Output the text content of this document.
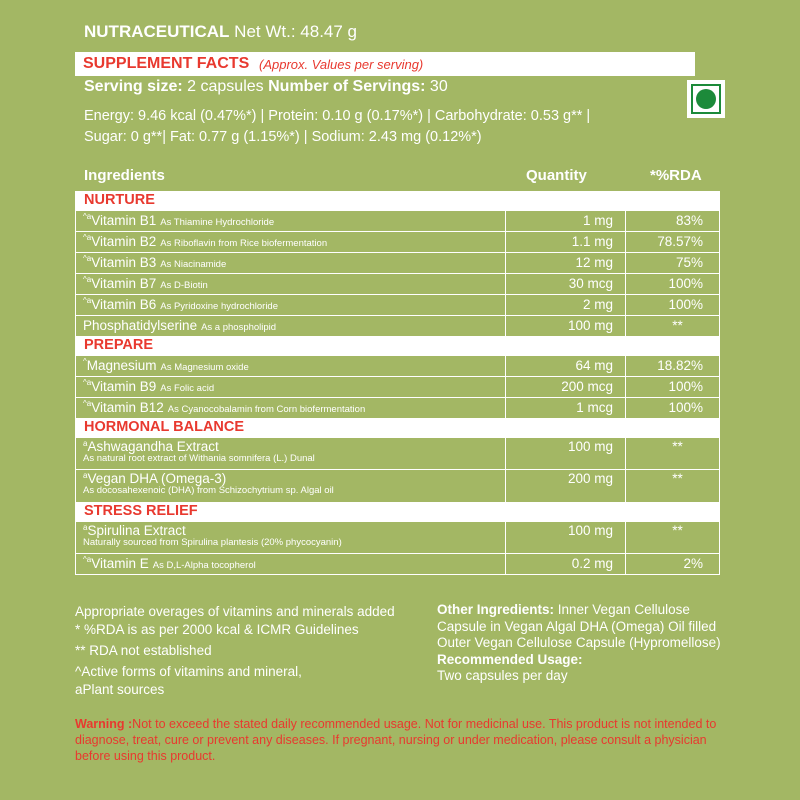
NUTRACEUTICAL Net Wt.: 48.47 g
SUPPLEMENT FACTS (Approx. Values per serving)
Serving size: 2 capsules Number of Servings: 30
Energy: 9.46 kcal (0.47%*) | Protein: 0.10 g (0.17%*) | Carbohydrate: 0.53 g** |
Sugar: 0 g**| Fat: 0.77 g (1.15%*) | Sodium: 2.43 mg (0.12%*)
Ingredients	Quantity	*%RDA
NURTURE
$^{\^{}a}$Vitamin B1 As Thiamine Hydrochloride	1 mg	83%
$^{\^{}a}$Vitamin B2 As Riboflavin from Rice biofermentation	1.1 mg	78.57%
$^{\^{}a}$Vitamin B3 As Niacinamide	12 mg	75%
$^{\^{}a}$Vitamin B7 As D-Biotin	30 mcg	100%
$^{\^{}a}$Vitamin B6 As Pyridoxine hydrochloride	2 mg	100%
Phosphatidylserine As a phospholipid	100 mg	**
PREPARE
^Magnesium As Magnesium oxide	64 mg	18.82%
$^{\^{}a}$Vitamin B9 As Folic acid	200 mcg	100%
$^{\^{}a}$Vitamin B12 As Cyanocobalamin from Corn biofermentation	1 mcg	100%
HORMONAL BALANCE
$^a$Ashwagandha Extract
As natural root extract of Withania somnifera (L.) Dunal
100 mg	**
$^a$Vegan DHA (Omega-3)
As docosahexenoic (DHA) from Schizochytrium sp. Algal oil
200 mg	**
STRESS RELIEF
$^a$Spirulina Extract
Naturally sourced from Spirulina plantesis (20% phycocyanin)
100 mg	**
$^{\^{}a}$Vitamin E As D,L-Alpha tocopherol	0.2 mg	2%
Appropriate overages of vitamins and minerals added
* %RDA is as per 2000 kcal & ICMR Guidelines
** RDA not established
^Active forms of vitamins and mineral,
aPlant sources
Other Ingredients: Inner Vegan Cellulose Capsule in Vegan Algal DHA (Omega) Oil filled Outer Vegan Cellulose Capsule (Hypromellose)
Recommended Usage:
Two capsules per day
Warning :Not to exceed the stated daily recommended usage. Not for medicinal use. This product is not intended to diagnose, treat, cure or prevent any diseases. If pregnant, nursing or under medication, please consult a physician before using this product.
